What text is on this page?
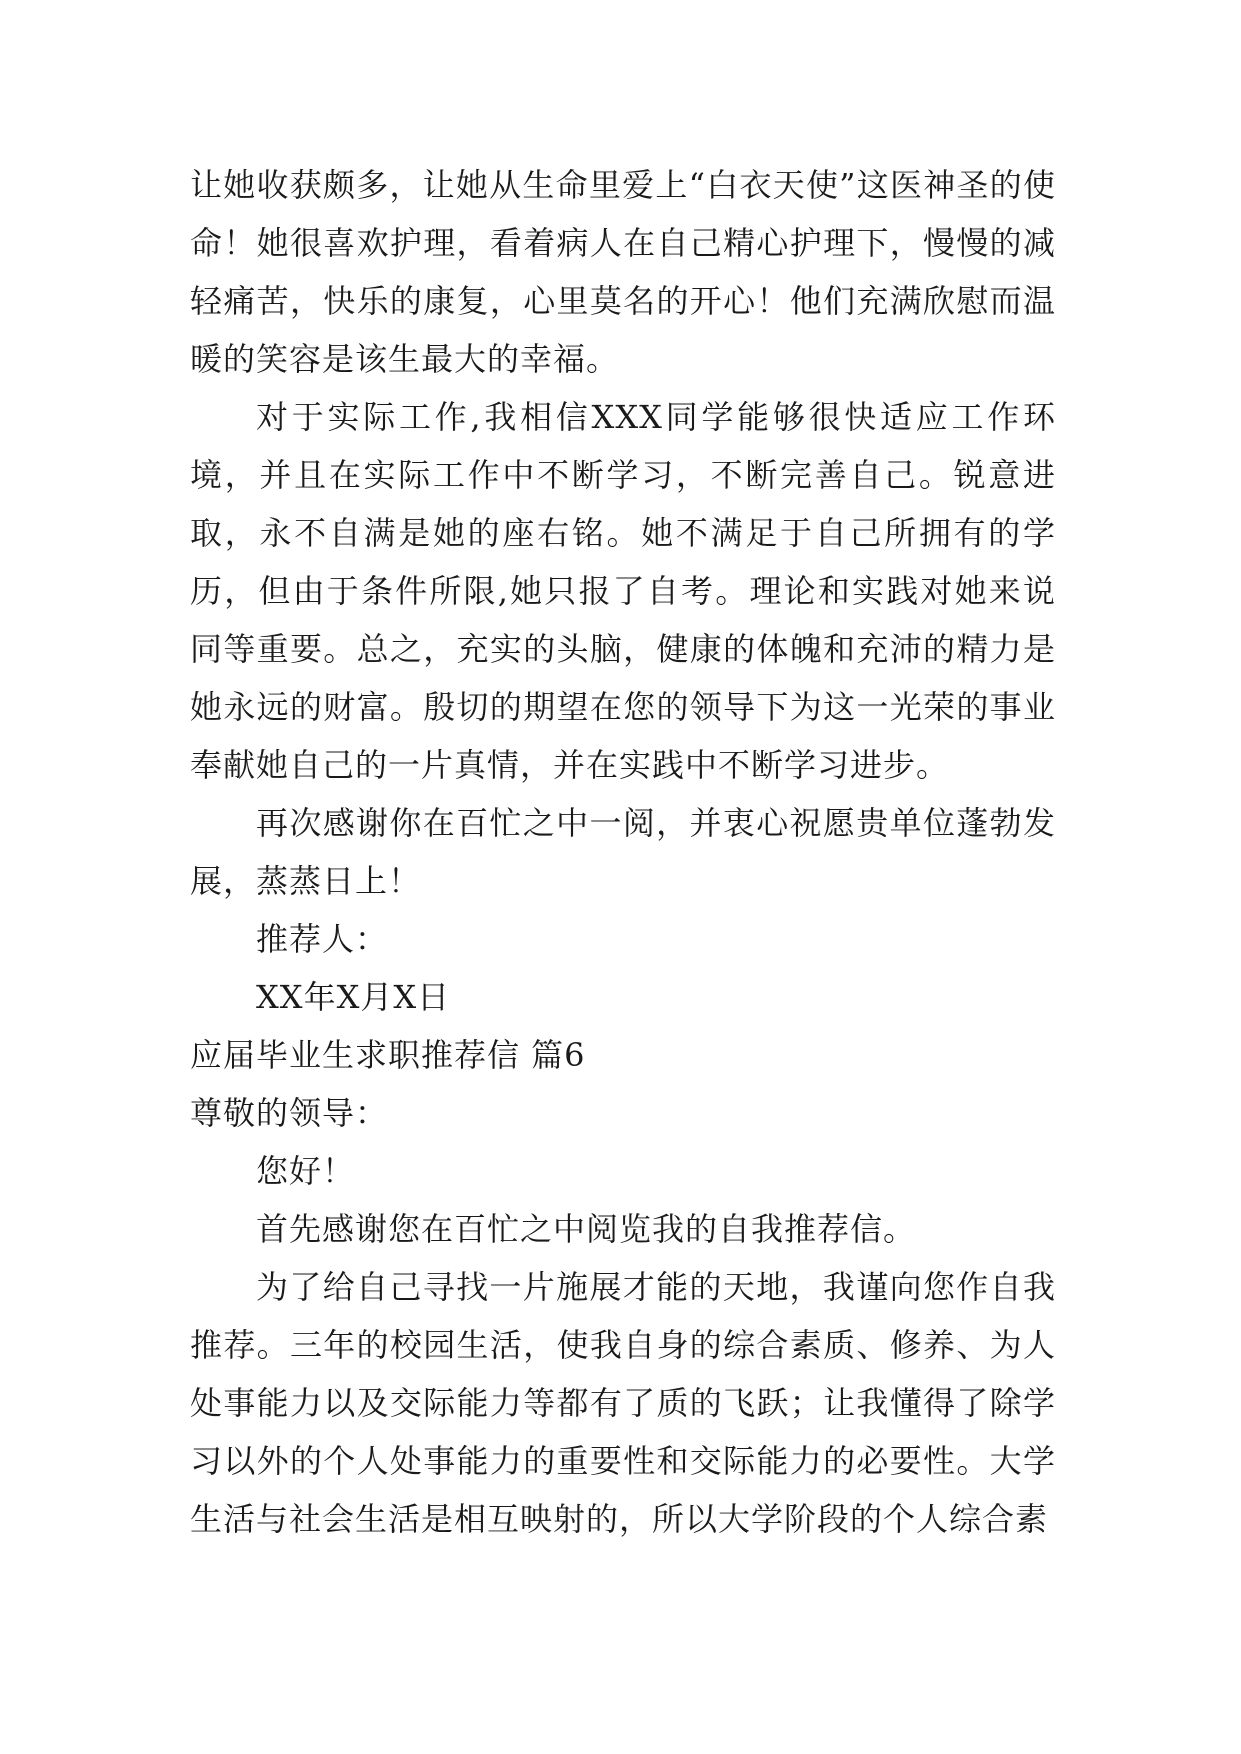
让她收获颇多，让她从生命里爱上“白衣天使”这医神圣的使命！她很喜欢护理，看着病人在自己精心护理下，慢慢的减轻痛苦，快乐的康复，心里莫名的开心！他们充满欣慰而温暖的笑容是该生最大的幸福。

对于实际工作,我相信XXX同学能够很快适应工作环境，并且在实际工作中不断学习，不断完善自己。锐意进取，永不自满是她的座右铭。她不满足于自己所拥有的学历，但由于条件所限,她只报了自考。理论和实践对她来说同等重要。总之，充实的头脑，健康的体魄和充沛的精力是她永远的财富。殷切的期望在您的领导下为这一光荣的事业奉献她自己的一片真情，并在实践中不断学习进步。

再次感谢你在百忙之中一阅，并衷心祝愿贵单位蓬勃发展，蒸蒸日上！

推荐人：

XX年X月X日

应届毕业生求职推荐信 篇6

尊敬的领导：

您好！

首先感谢您在百忙之中阅览我的自我推荐信。

为了给自己寻找一片施展才能的天地，我谨向您作自我推荐。三年的校园生活，使我自身的综合素质、修养、为人处事能力以及交际能力等都有了质的飞跃；让我懂得了除学习以外的个人处事能力的重要性和交际能力的必要性。大学生活与社会生活是相互映射的，所以大学阶段的个人综合素
